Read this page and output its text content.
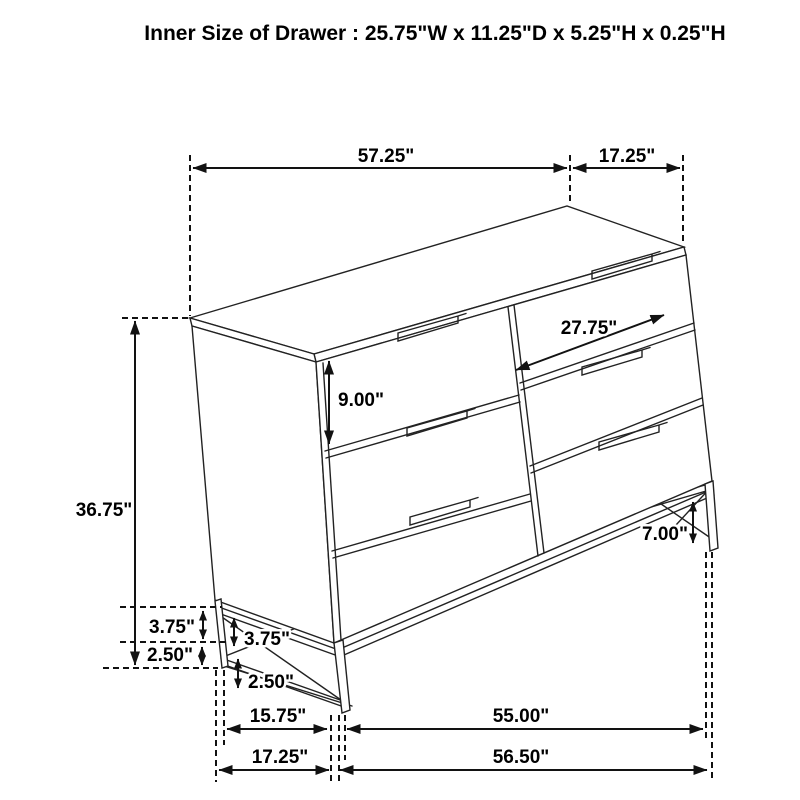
Inner Size of Drawer : 25.75"W x 11.25"D x 5.25"H x 0.25"H
57.25"	17.25"
36.75"
9.00"
27.75"
7.00"
3.75"
2.50"
3.75"
2.50"
15.75"	55.00"
17.25"	56.50"
